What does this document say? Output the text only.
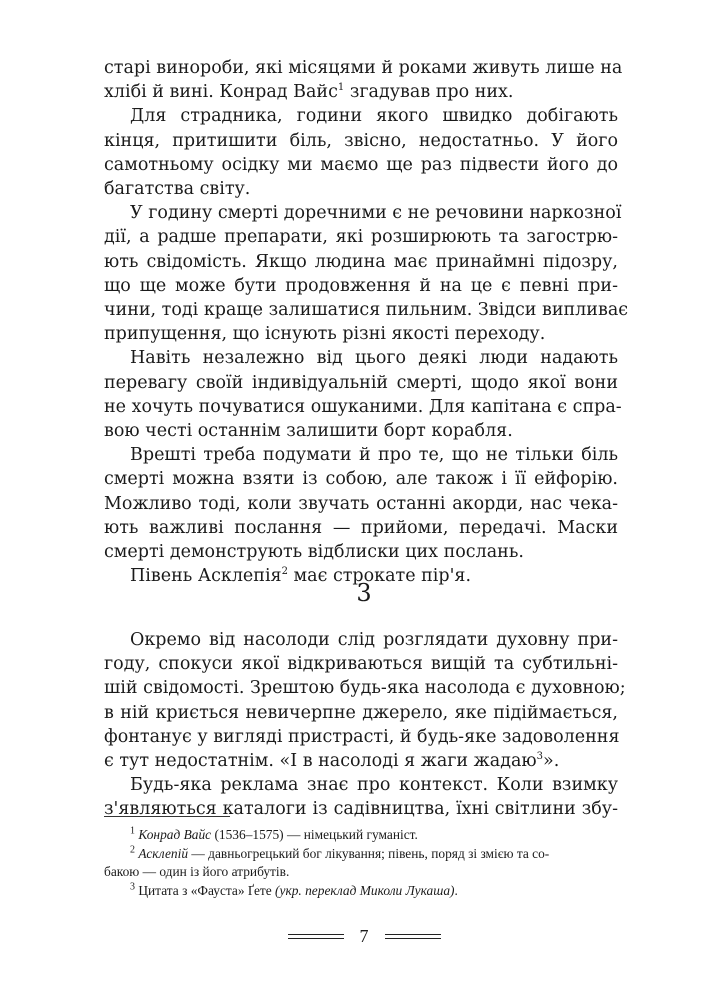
старі винороби, які місяцями й роками живуть лише на
хлібі й вині. Конрад Вайс$^1$ згадував про них.
Для страдника, години якого швидко добігають
кінця, притишити біль, звісно, недостатньо. У його
самотньому осідку ми маємо ще раз підвести його до
багатства світу.
У годину смерті доречними є не речовини наркозної
дії, а радше препарати, які розширюють та загострю-
ють свідомість. Якщо людина має принаймні підозру,
що ще може бути продовження й на це є певні при-
чини, тоді краще залишатися пильним. Звідси випливає
припущення, що існують різні якості переходу.
Навіть незалежно від цього деякі люди надають
перевагу своїй індивідуальній смерті, щодо якої вони
не хочуть почуватися ошуканими. Для капітана є спра-
вою честі останнім залишити борт корабля.
Врешті треба подумати й про те, що не тільки біль
смерті можна взяти із собою, але також і її ейфорію.
Можливо тоді, коли звучать останні акорди, нас чека-
ють важливі послання — прийоми, передачі. Маски
смерті демонструють відблиски цих послань.
Півень Асклепія$^2$ має строкате пір'я.
3
Окремо від насолоди слід розглядати духовну при-
году, спокуси якої відкриваються вищій та субтильні-
шій свідомості. Зрештою будь-яка насолода є духовною;
в ній криється невичерпне джерело, яке підіймається,
фонтанує у вигляді пристрасті, й будь-яке задоволення
є тут недостатнім. «І в насолоді я жаги жадаю$^3$».
Будь-яка реклама знає про контекст. Коли взимку
з'являються каталоги із садівництва, їхні світлини збу-
$^1$ Конрад Вайс (1536–1575) — німецький гуманіст.
$^2$ Асклепій — давньогрецький бог лікування; півень, поряд зі змією та со-
бакою — один із його атрибутів.
$^3$ Цитата з «Фауста» Ґете (укр. переклад Миколи Лукаша).
7
